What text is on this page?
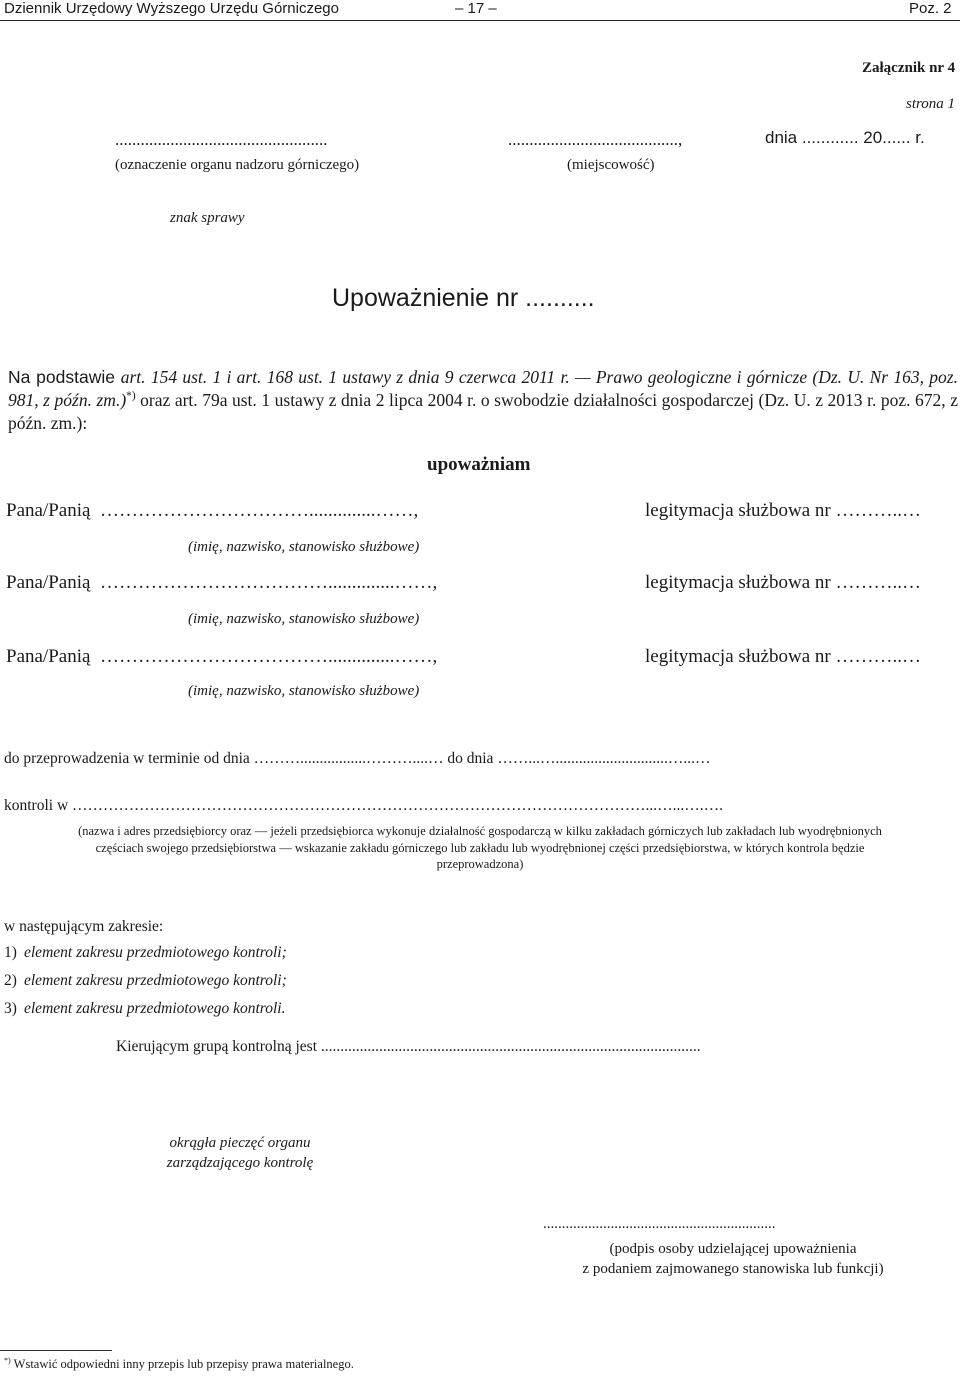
Dziennik Urzędowy Wyższego Urzędu Górniczego	– 17 –	Poz. 2
Załącznik nr 4
strona 1
..................................................
(oznaczenie organu nadzoru górniczego)
........................................,
(miejscowość)
dnia ............ 20...... r.
znak sprawy
Upoważnienie nr ..........
Na podstawie art. 154 ust. 1 i art. 168 ust. 1 ustawy z dnia 9 czerwca 2011 r. — Prawo geologiczne i górnicze (Dz. U. Nr 163, poz. 981, z późn. zm.)*) oraz art. 79a ust. 1 ustawy z dnia 2 lipca 2004 r. o swobodzie działalności gospodarczej (Dz. U. z 2013 r. poz. 672, z późn. zm.):
upoważniam
Pana/Panią ……………………………..............……,	legitymacja służbowa nr ………..…
(imię, nazwisko, stanowisko służbowe)
Pana/Panią ………………………………..............……,	legitymacja służbowa nr ………..…
(imię, nazwisko, stanowisko służbowe)
Pana/Panią ………………………………..............……,	legitymacja służbowa nr ………..…
(imię, nazwisko, stanowisko służbowe)
do przeprowadzenia w terminie od dnia ……….................………....… do dnia ……...….............................…...…
kontroli w …………………………………………………………………………………………………...…...….….
(nazwa i adres przedsiębiorcy oraz — jeżeli przedsiębiorca wykonuje działalność gospodarczą w kilku zakładach górniczych lub zakładach lub wyodrębnionych częściach swojego przedsiębiorstwa — wskazanie zakładu górniczego lub zakładu lub wyodrębnionej części przedsiębiorstwa, w których kontrola będzie przeprowadzona)
w następującym zakresie:
1) element zakresu przedmiotowego kontroli;
2) element zakresu przedmiotowego kontroli;
3) element zakresu przedmiotowego kontroli.
Kierującym grupą kontrolną jest ..................................................................................................
okrągła pieczęć organu
zarządzającego kontrolę
..............................................................
(podpis osoby udzielającej upoważnienia
z podaniem zajmowanego stanowiska lub funkcji)
*) Wstawić odpowiedni inny przepis lub przepisy prawa materialnego.
